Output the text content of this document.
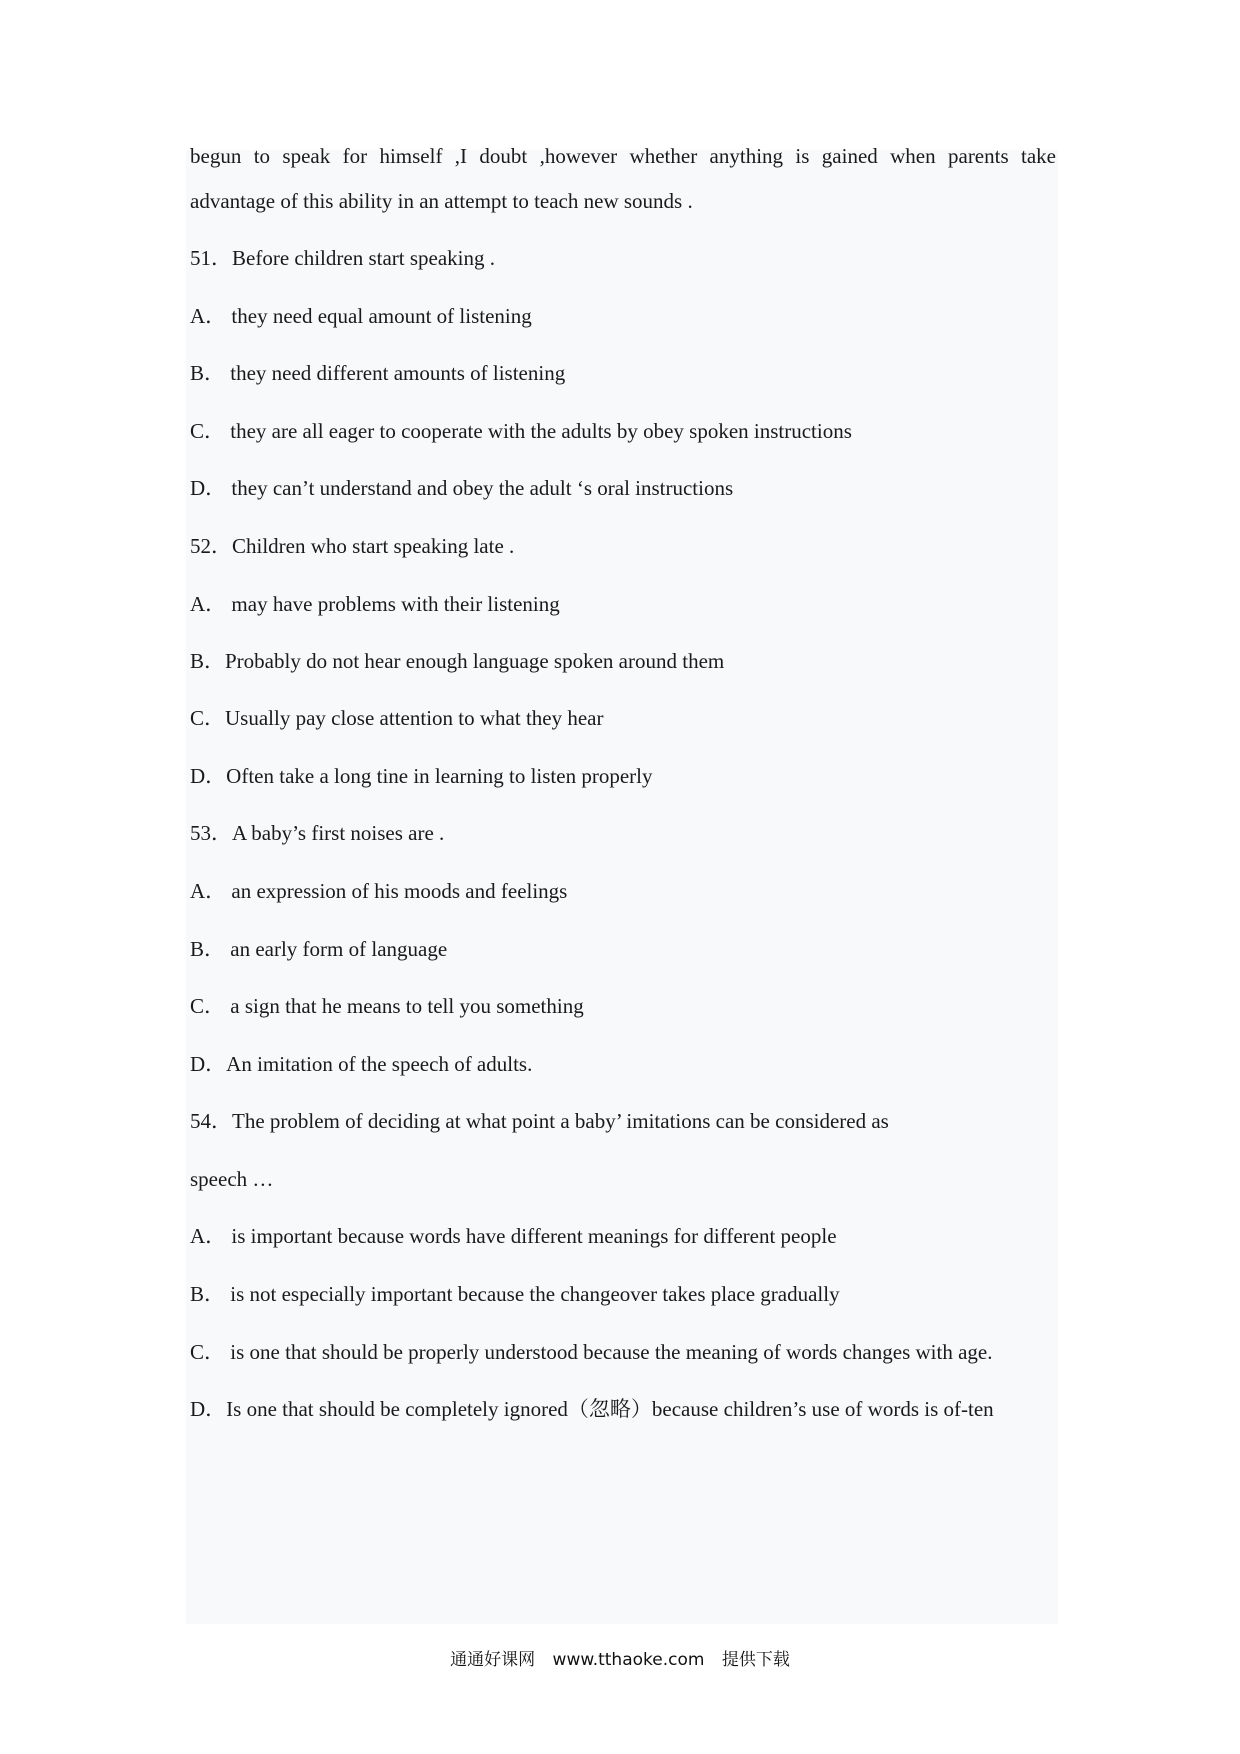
begun to speak for himself ,I doubt ,however whether anything is gained when parents take
advantage of this ability in an attempt to teach new sounds .
51．Before children start speaking .
A． they need equal amount of listening
B． they need different amounts of listening
C． they are all eager to cooperate with the adults by obey spoken instructions
D． they can’t understand and obey the adult ‘s oral instructions
52．Children who start speaking late .
A． may have problems with their listening
B．Probably do not hear enough language spoken around them
C．Usually pay close attention to what they hear
D．Often take a long tine in learning to listen properly
53．A baby’s first noises are .
A． an expression of his moods and feelings
B． an early form of language
C． a sign that he means to tell you something
D．An imitation of the speech of adults.
54．The problem of deciding at what point a baby’ imitations can be considered as
speech …
A． is important because words have different meanings for different people
B． is not especially important because the changeover takes place gradually
C． is one that should be properly understood because the meaning of words changes with age.
D．Is one that should be completely ignored（忽略）because children’s use of words is of-ten
通通好课网 www.tthaoke.com 提供下载
